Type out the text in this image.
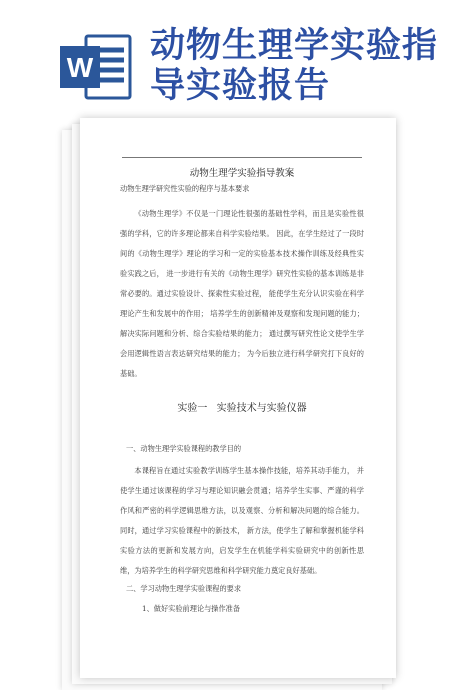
W
动物生理学实验指
导实验报告
动物生理学实验指导教案
动物生理学研究性实验的程序与基本要求

《动物生理学》不仅是一门理论性很强的基础性学科，而且是实验性很强的学科，它的许多理论都来自科学实验结果。 因此，在学生经过了一段时间的《动物生理学》理论的学习和一定的实验基本技术操作训练及经典性实验实践之后， 进一步进行有关的《动物生理学》研究性实验的基本训练是非常必要的。通过实验设计、探索性实验过程， 能使学生充分认识实验在科学理论产生和发展中的作用； 培养学生的创新精神及观察和发现问题的能力； 解决实际问题和分析、综合实验结果的能力； 通过撰写研究性论文使学生学会用逻辑性语言表达研究结果的能力； 为今后独立进行科学研究打下良好的基础。

实验一 实验技术与实验仪器
一、动物生理学实验课程的教学目的

本课程旨在通过实验教学训练学生基本操作技能，培养其动手能力， 并使学生通过该课程的学习与理论知识融会贯通；培养学生实事、严谨的科学作风和严密的科学逻辑思维方法，以及观察、分析和解决问题的综合能力。 同时，通过学习实验课程中的新技术， 新方法，使学生了解和掌握机能学科实验方法的更新和发展方向，启发学生在机能学科实验研究中的创新性思维，为培养学生的科学研究思维和科学研究能力奠定良好基础。

二、学习动物生理学实验课程的要求
1、做好实验前理论与操作准备
